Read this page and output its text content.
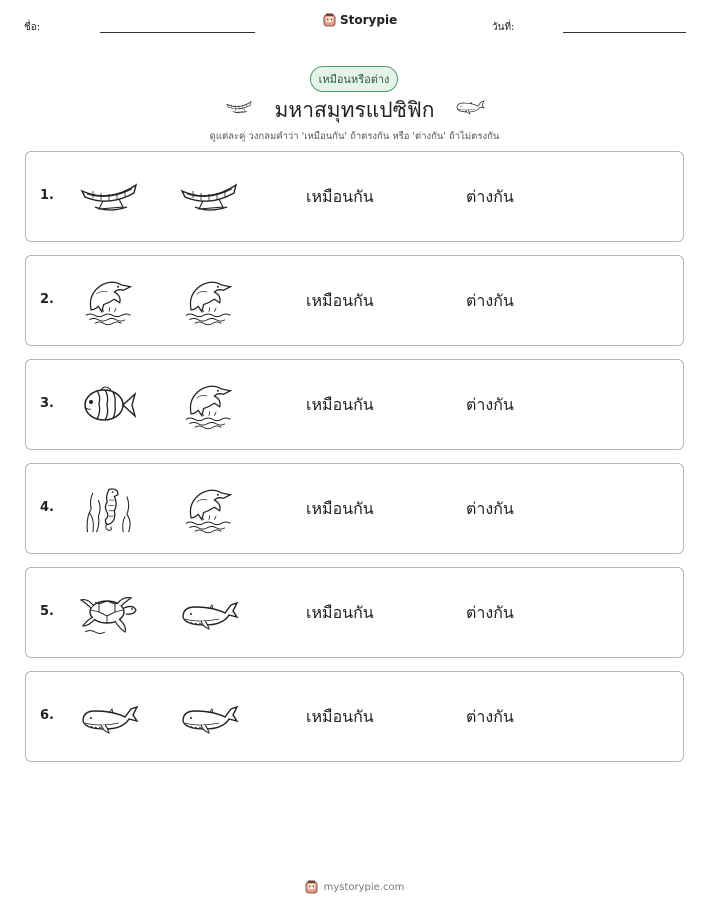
ชื่อ:
Storypie
วันที่:
เหมือนหรือต่าง
มหาสมุทรแปซิฟิก
ดูแต่ละคู่ วงกลมคำว่า 'เหมือนกัน' ถ้าตรงกัน หรือ 'ต่างกัน' ถ้าไม่ตรงกัน
1.	เหมือนกัน	ต่างกัน
2.	เหมือนกัน	ต่างกัน
3.	เหมือนกัน	ต่างกัน
4.	เหมือนกัน	ต่างกัน
5.	เหมือนกัน	ต่างกัน
6.	เหมือนกัน	ต่างกัน
mystorypie.com
